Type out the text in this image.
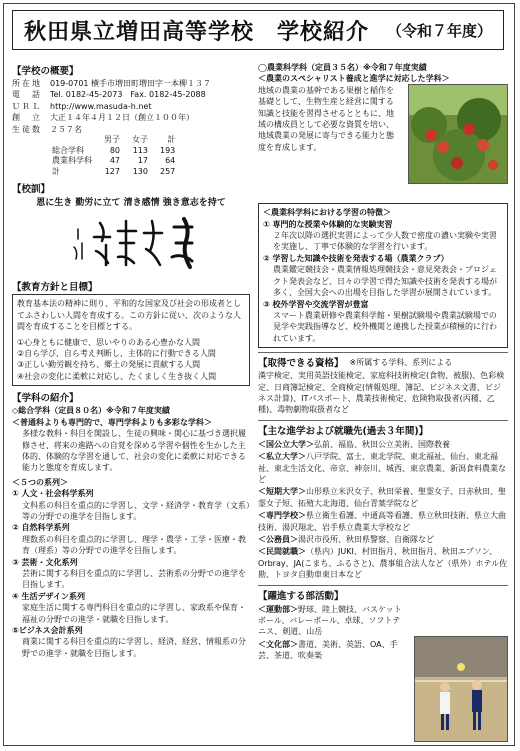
秋田県立増田高等学校　学校紹介 （令和７年度）
【学校の概要】
所在地	019-0701 横手市増田町増田字一本柳１３７
電　話	Tel. 0182-45-2073　Fax. 0182-45-2088
ＵＲＬ	http://www.masuda-h.net
創　立	大正１４年４月１２日（創立１００年）
生徒数	２５７名
	男子	女子	計
総合学科	80	113	193
農業科学科	47	17	64
計	127	130	257
【校訓】
恩に生き 勤労に立て 清き感情 強き意志を持て
【教育方針と目標】
教育基本法の精神に則り、平和的な国家及び社会の形成者としてふさわしい人間を育成する。この方針に従い、次のような人間を育成することを目標とする。
①心身ともに健康で、思いやりのある心豊かな人間
②自ら学び、自ら考え判断し、主体的に行動できる人間
③正しい勤労観を持ち、郷土の発展に貢献する人間
④社会の変化に柔軟に対応し、たくましく生き抜く人間
【学科の紹介】
◇総合学科（定員８０名）※令和７年度実績
＜普通科よりも専門的で、専門学科よりも多彩な学科＞
多様な教科・科目を開設し、生徒の興味・関心に基づき選択履修させ、将来の進路への自覚を深める学習や個性を生かした主体的、体験的な学習を通して、社会の変化に柔軟に対応できる能力と態度を育成します。
＜５つの系列＞
① 人文・社会科学系列
文科系の科目を重点的に学習し、文学・経済学・教育学（文系）等の分野での進学を目指します。
② 自然科学系列
理数系の科目を重点的に学習し、理学・農学・工学・医療・教育（理系）等の分野での進学を目指します。
③ 芸術・文化系列
芸術に関する科目を重点的に学習し、芸術系の分野での進学を目指します。
④ 生活デザイン系列
家庭生活に関する専門科目を重点的に学習し、家政系や保育・福祉の分野での進学・就職を目指します。
⑤ビジネス会計系列
商業に関する科目を重点的に学習し、経済、経営、情報系の分野での進学・就職を目指します。
◯農業科学科（定員３５名）※令和７年度実績
＜農業のスペシャリスト養成と進学に対応した学科＞
地域の農業の基幹である果樹と稲作を基礎として、生物生産と経営に関する知識と技能を習得させるとともに、地域の構成員として必要な資質を培い、地域農業の発展に寄与できる能力と態度を育成します。
＜農業科学科における学習の特徴＞
① 専門的な授業や体験的な実験実習
２年次以降の選択実習によって少人数で密度の濃い実験や実習を実施し、丁寧で体験的な学習を行います。
② 学習した知識や技術を発表する場（農業クラブ）
農業鑑定競技会・農業情報処理競技会・意見発表会・プロジェクト発表会など、日々の学習で得た知識や技術を発表する場が多く、全国大会への出場を目指した学習が展開されています。
③ 校外学習や交流学習が豊富
スマート農業研修や農業科学館・果樹試験場や農業試験場での見学や実践指導など、校外機関と連携した授業が積極的に行われています。
【取得できる資格】 ※所属する学科、系列による
漢字検定、実用英語技能検定、家庭科技術検定(食物、被服)、色彩検定、日商簿記検定、全商検定(情報処理、簿記、ビジネス文書、ビジネス計算)、ITパスポート、農業技術検定、危険物取扱者(丙種、乙種)、毒物劇物取扱者など
【主な進学および就職先(過去３年間)】
＜国公立大学＞弘前、福島、秋田公立美術、国際教養
＜私立大学＞八戸学院、富士、東北学院、東北福祉、仙台、東北福祉、東北生活文化、帝京、神奈川、城西、東京農業、新潟食料農業など
＜短期大学＞山形県立米沢女子、秋田栄養、聖霊女子、日赤秋田、聖霊女子短、拓殖大北海道、仙台青葉学院など
＜専門学校＞県立衛生看護、中通高等看護、県立秋田技術、県立大曲技術、湯沢翔北、岩手県立農業大学校など
＜公務員＞湯沢市役所、秋田県警察、自衛隊など
＜民間就職＞（県内）JUKI、村田指月、秋田指月、秋田エプソン、Orbray、JA(こまち、ふるさと)、農事組合法人など（県外）ホテル佐勘、トヨタ自動車東日本など
【躍進する部活動】
＜運動部＞野球、陸上競技、バスケットボール、バレーボール、卓球、ソフトテニス、剣道、山岳
＜文化部＞書道、美術、英語、OA、手芸、茶道、吹奏楽
